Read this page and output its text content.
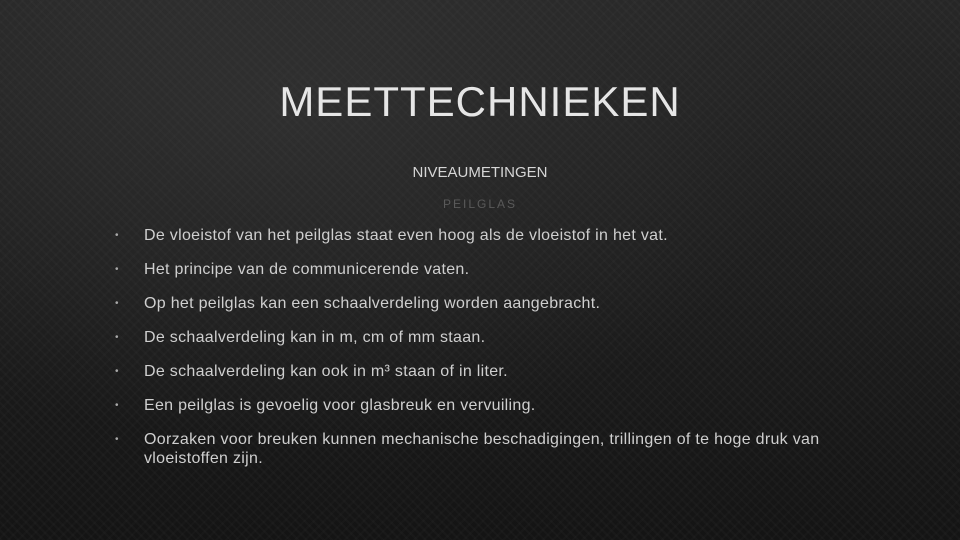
MEETTECHNIEKEN
NIVEAUMETINGEN
PEILGLAS
• De vloeistof van het peilglas staat even hoog als de vloeistof in het vat.
• Het principe van de communicerende vaten.
• Op het peilglas kan een schaalverdeling worden aangebracht.
• De schaalverdeling kan in m, cm of mm staan.
• De schaalverdeling kan ook in m³ staan of in liter.
• Een peilglas is gevoelig voor glasbreuk en vervuiling.
• Oorzaken voor breuken kunnen mechanische beschadigingen, trillingen of te hoge druk van vloeistoffen zijn.
